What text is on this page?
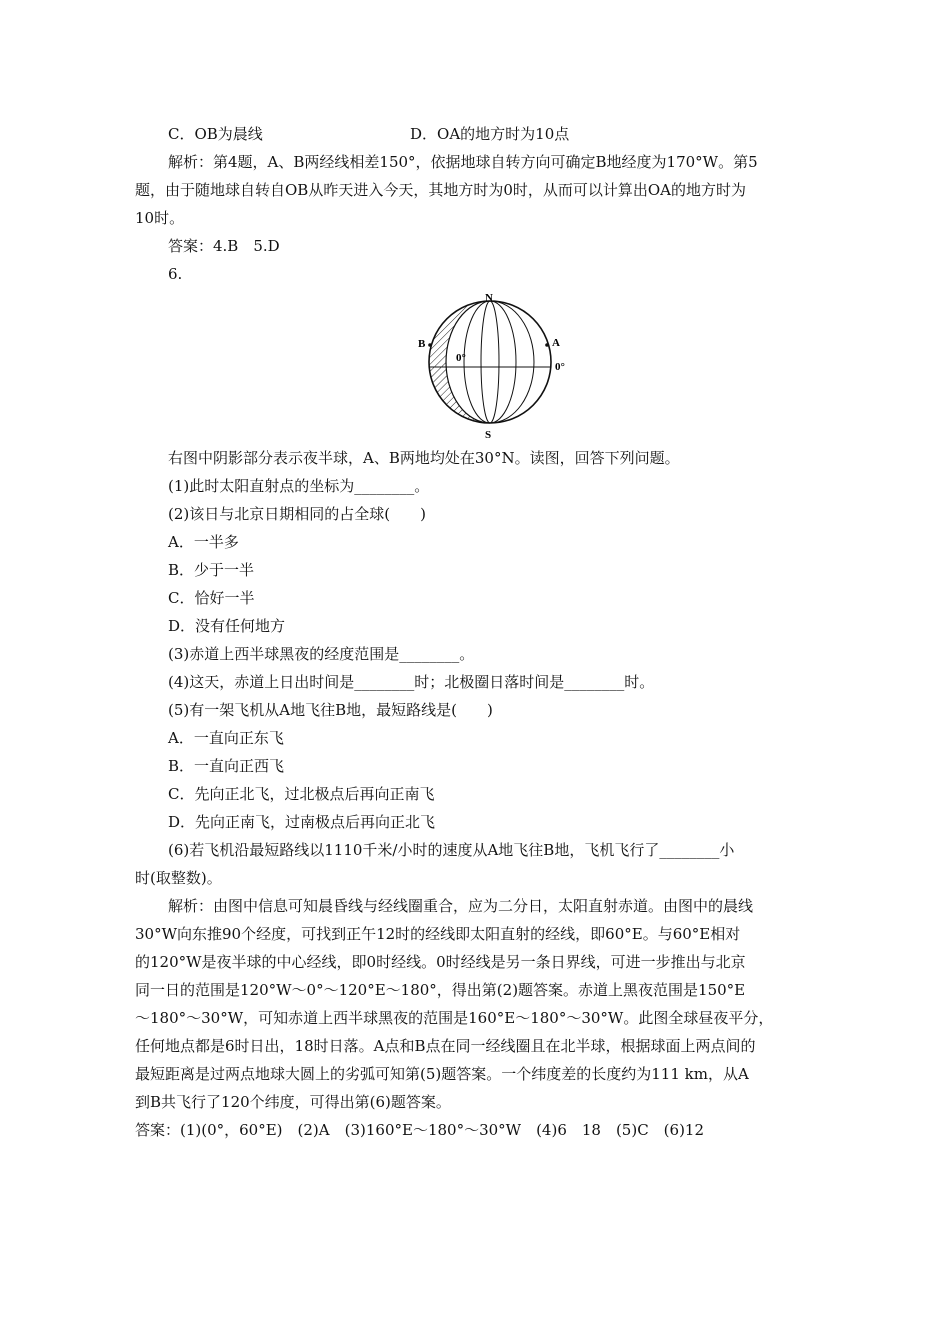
C．OB为晨线	D．OA的地方时为10点
解析：第4题，A、B两经线相差150°，依据地球自转方向可确定B地经度为170°W。第5
题，由于随地球自转自OB从昨天进入今天，其地方时为0时，从而可以计算出OA的地方时为
10时。
答案：4.B　5.D
6.
N
S
B	A
0°
0°
右图中阴影部分表示夜半球，A、B两地均处在30°N。读图，回答下列问题。
(1)此时太阳直射点的坐标为________。
(2)该日与北京日期相同的占全球(　　)
A．一半多
B．少于一半
C．恰好一半
D．没有任何地方
(3)赤道上西半球黑夜的经度范围是________。
(4)这天，赤道上日出时间是________时；北极圈日落时间是________时。
(5)有一架飞机从A地飞往B地，最短路线是(　　)
A．一直向正东飞
B．一直向正西飞
C．先向正北飞，过北极点后再向正南飞
D．先向正南飞，过南极点后再向正北飞
(6)若飞机沿最短路线以1110千米/小时的速度从A地飞往B地，飞机飞行了________小
时(取整数)。
解析：由图中信息可知晨昏线与经线圈重合，应为二分日，太阳直射赤道。由图中的晨线
30°W向东推90个经度，可找到正午12时的经线即太阳直射的经线，即60°E。与60°E相对
的120°W是夜半球的中心经线，即0时经线。0时经线是另一条日界线，可进一步推出与北京
同一日的范围是120°W～0°～120°E～180°，得出第(2)题答案。赤道上黑夜范围是150°E
～180°～30°W，可知赤道上西半球黑夜的范围是160°E～180°～30°W。此图全球昼夜平分，
任何地点都是6时日出，18时日落。A点和B点在同一经线圈且在北半球，根据球面上两点间的
最短距离是过两点地球大圆上的劣弧可知第(5)题答案。一个纬度差的长度约为111 km，从A
到B共飞行了120个纬度，可得出第(6)题答案。
答案：(1)(0°，60°E)　(2)A　(3)160°E～180°～30°W　(4)6　18　(5)C　(6)12
